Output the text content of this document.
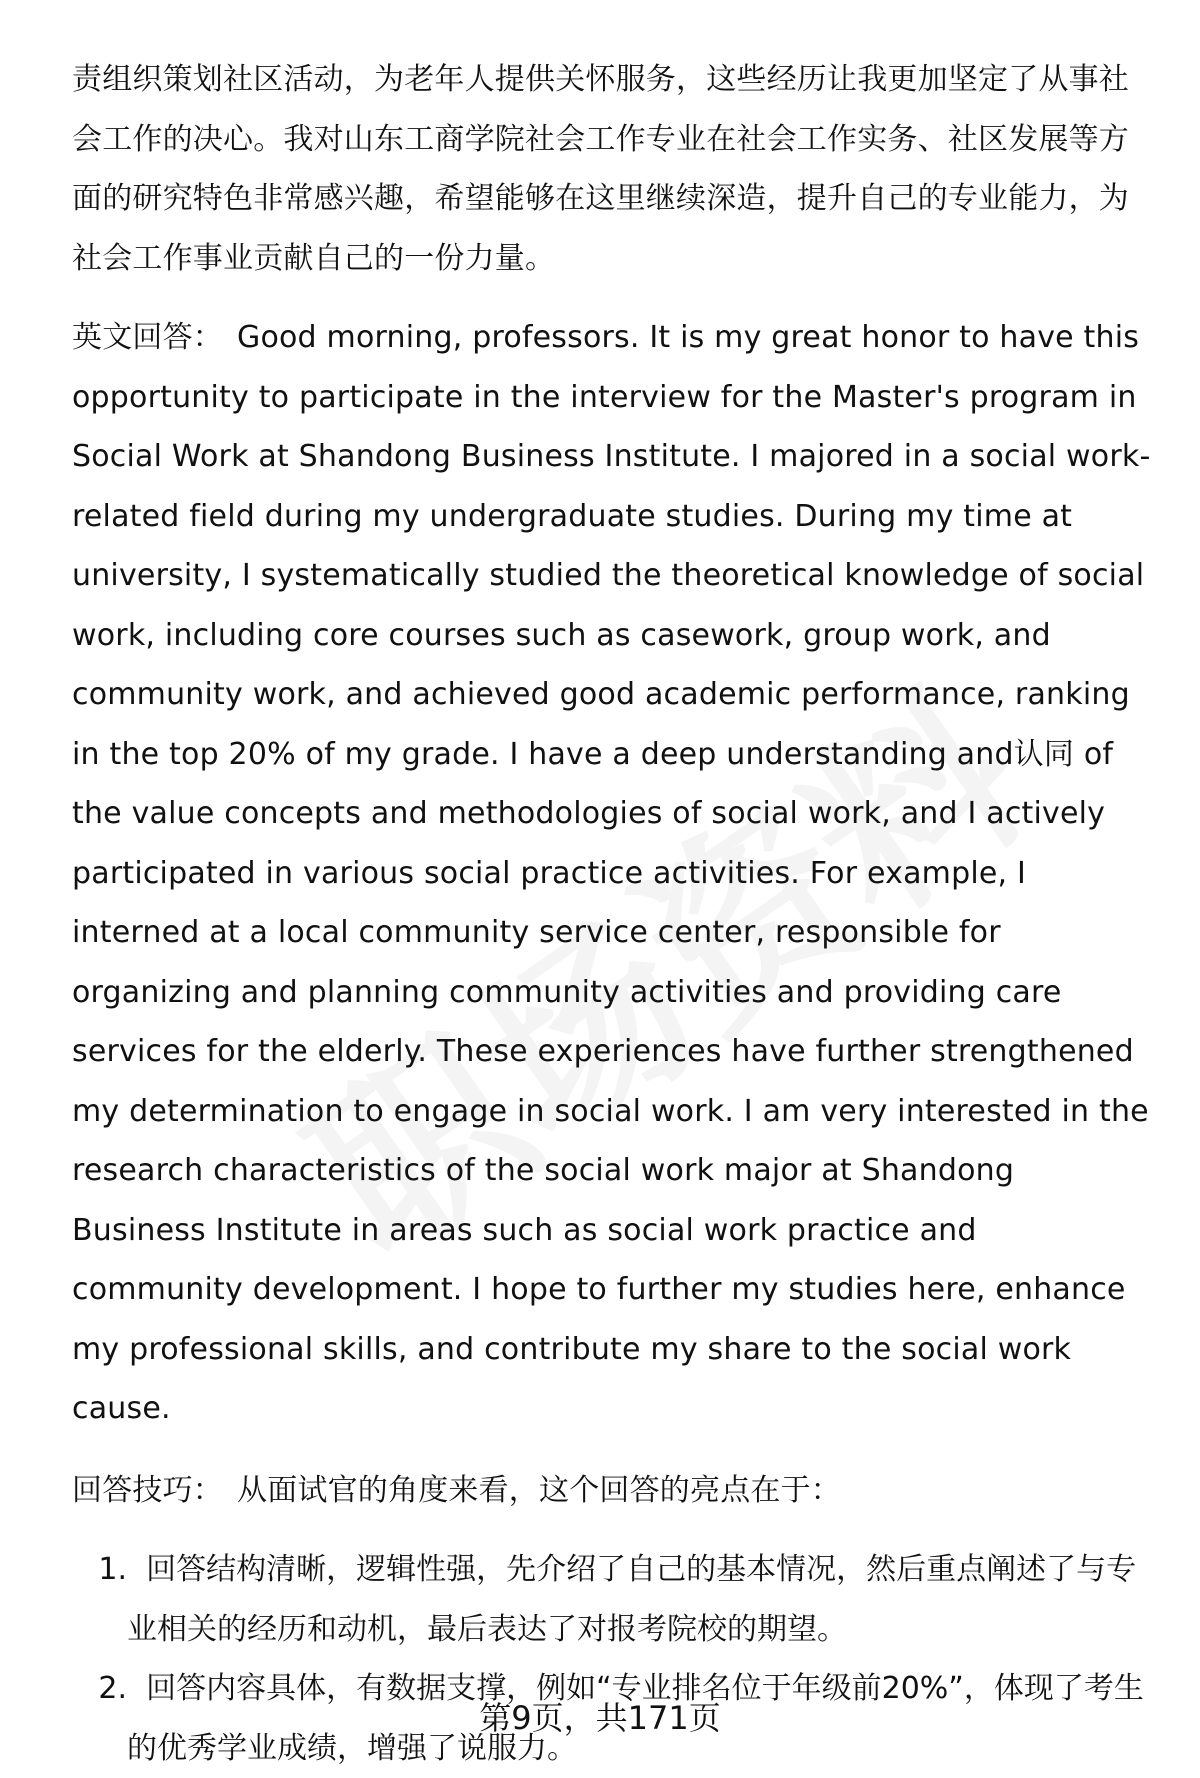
责组织策划社区活动，为老年人提供关怀服务，这些经历让我更加坚定了从事社会工作的决心。我对山东工商学院社会工作专业在社会工作实务、社区发展等方面的研究特色非常感兴趣，希望能够在这里继续深造，提升自己的专业能力，为社会工作事业贡献自己的一份力量。

英文回答： Good morning, professors. It is my great honor to have this opportunity to participate in the interview for the Master's program in Social Work at Shandong Business Institute. I majored in a social work-related field during my undergraduate studies. During my time at university, I systematically studied the theoretical knowledge of social work, including core courses such as casework, group work, and community work, and achieved good academic performance, ranking in the top 20% of my grade. I have a deep understanding and认同 of the value concepts and methodologies of social work, and I actively participated in various social practice activities. For example, I interned at a local community service center, responsible for organizing and planning community activities and providing care services for the elderly. These experiences have further strengthened my determination to engage in social work. I am very interested in the research characteristics of the social work major at Shandong Business Institute in areas such as social work practice and community development. I hope to further my studies here, enhance my professional skills, and contribute my share to the social work cause.

回答技巧： 从面试官的角度来看，这个回答的亮点在于：

1. 回答结构清晰，逻辑性强，先介绍了自己的基本情况，然后重点阐述了与专业相关的经历和动机，最后表达了对报考院校的期望。
2. 回答内容具体，有数据支撑，例如“专业排名位于年级前20%”，体现了考生的优秀学业成绩，增强了说服力。
第9页，共171页
